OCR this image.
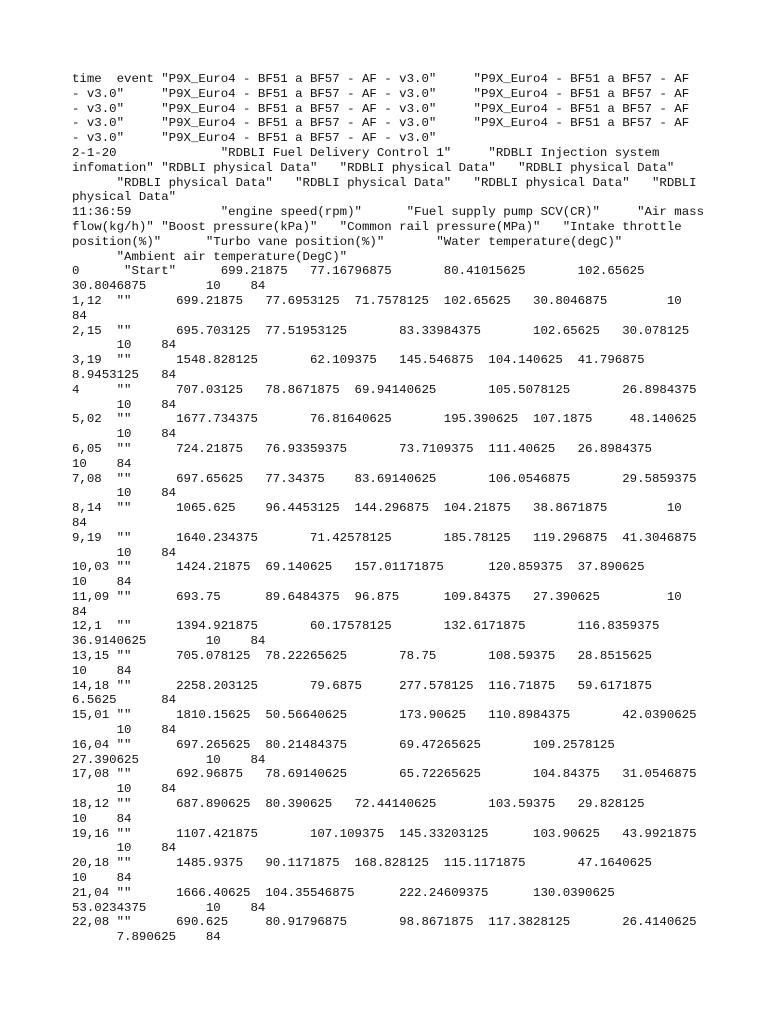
time  event "P9X_Euro4 - BF51 a BF57 - AF - v3.0"     "P9X_Euro4 - BF51 a BF57 - AF
- v3.0"     "P9X_Euro4 - BF51 a BF57 - AF - v3.0"     "P9X_Euro4 - BF51 a BF57 - AF
- v3.0"     "P9X_Euro4 - BF51 a BF57 - AF - v3.0"     "P9X_Euro4 - BF51 a BF57 - AF
- v3.0"     "P9X_Euro4 - BF51 a BF57 - AF - v3.0"     "P9X_Euro4 - BF51 a BF57 - AF
- v3.0"     "P9X_Euro4 - BF51 a BF57 - AF - v3.0"
2-1-20              "RDBLI Fuel Delivery Control 1"     "RDBLI Injection system
infomation" "RDBLI physical Data"   "RDBLI physical Data"   "RDBLI physical Data"
"RDBLI physical Data"   "RDBLI physical Data"   "RDBLI physical Data"   "RDBLI
physical Data"
11:36:59            "engine speed(rpm)"      "Fuel supply pump SCV(CR)"     "Air mass
flow(kg/h)" "Boost pressure(kPa)"   "Common rail pressure(MPa)"   "Intake throttle
position(%)"      "Turbo vane position(%)"       "Water temperature(degC)"
"Ambient air temperature(DegC)"
0      "Start"      699.21875   77.16796875       80.41015625       102.65625
30.8046875        10    84
1,12  ""      699.21875   77.6953125  71.7578125  102.65625   30.8046875        10
84
2,15  ""      695.703125  77.51953125       83.33984375       102.65625   30.078125
10    84
3,19  ""      1548.828125       62.109375   145.546875  104.140625  41.796875
8.9453125   84
4     ""      707.03125   78.8671875  69.94140625       105.5078125       26.8984375
10    84
5,02  ""      1677.734375       76.81640625       195.390625  107.1875     48.140625
10    84
6,05  ""      724.21875   76.93359375       73.7109375  111.40625   26.8984375
10    84
7,08  ""      697.65625   77.34375    83.69140625       106.0546875       29.5859375
10    84
8,14  ""      1065.625    96.4453125  144.296875  104.21875   38.8671875        10
84
9,19  ""      1640.234375       71.42578125       185.78125   119.296875  41.3046875
10    84
10,03 ""      1424.21875  69.140625   157.01171875      120.859375  37.890625
10    84
11,09 ""      693.75      89.6484375  96.875      109.84375   27.390625         10
84
12,1  ""      1394.921875       60.17578125       132.6171875       116.8359375
36.9140625        10    84
13,15 ""      705.078125  78.22265625       78.75       108.59375   28.8515625
10    84
14,18 ""      2258.203125       79.6875     277.578125  116.71875   59.6171875
6.5625      84
15,01 ""      1810.15625  50.56640625       173.90625   110.8984375       42.0390625
10    84
16,04 ""      697.265625  80.21484375       69.47265625       109.2578125
27.390625         10    84
17,08 ""      692.96875   78.69140625       65.72265625       104.84375   31.0546875
10    84
18,12 ""      687.890625  80.390625   72.44140625       103.59375   29.828125
10    84
19,16 ""      1107.421875       107.109375  145.33203125      103.90625   43.9921875
10    84
20,18 ""      1485.9375   90.1171875  168.828125  115.1171875       47.1640625
10    84
21,04 ""      1666.40625  104.35546875      222.24609375      130.0390625
53.0234375        10    84
22,08 ""      690.625     80.91796875       98.8671875  117.3828125       26.4140625
7.890625    84
